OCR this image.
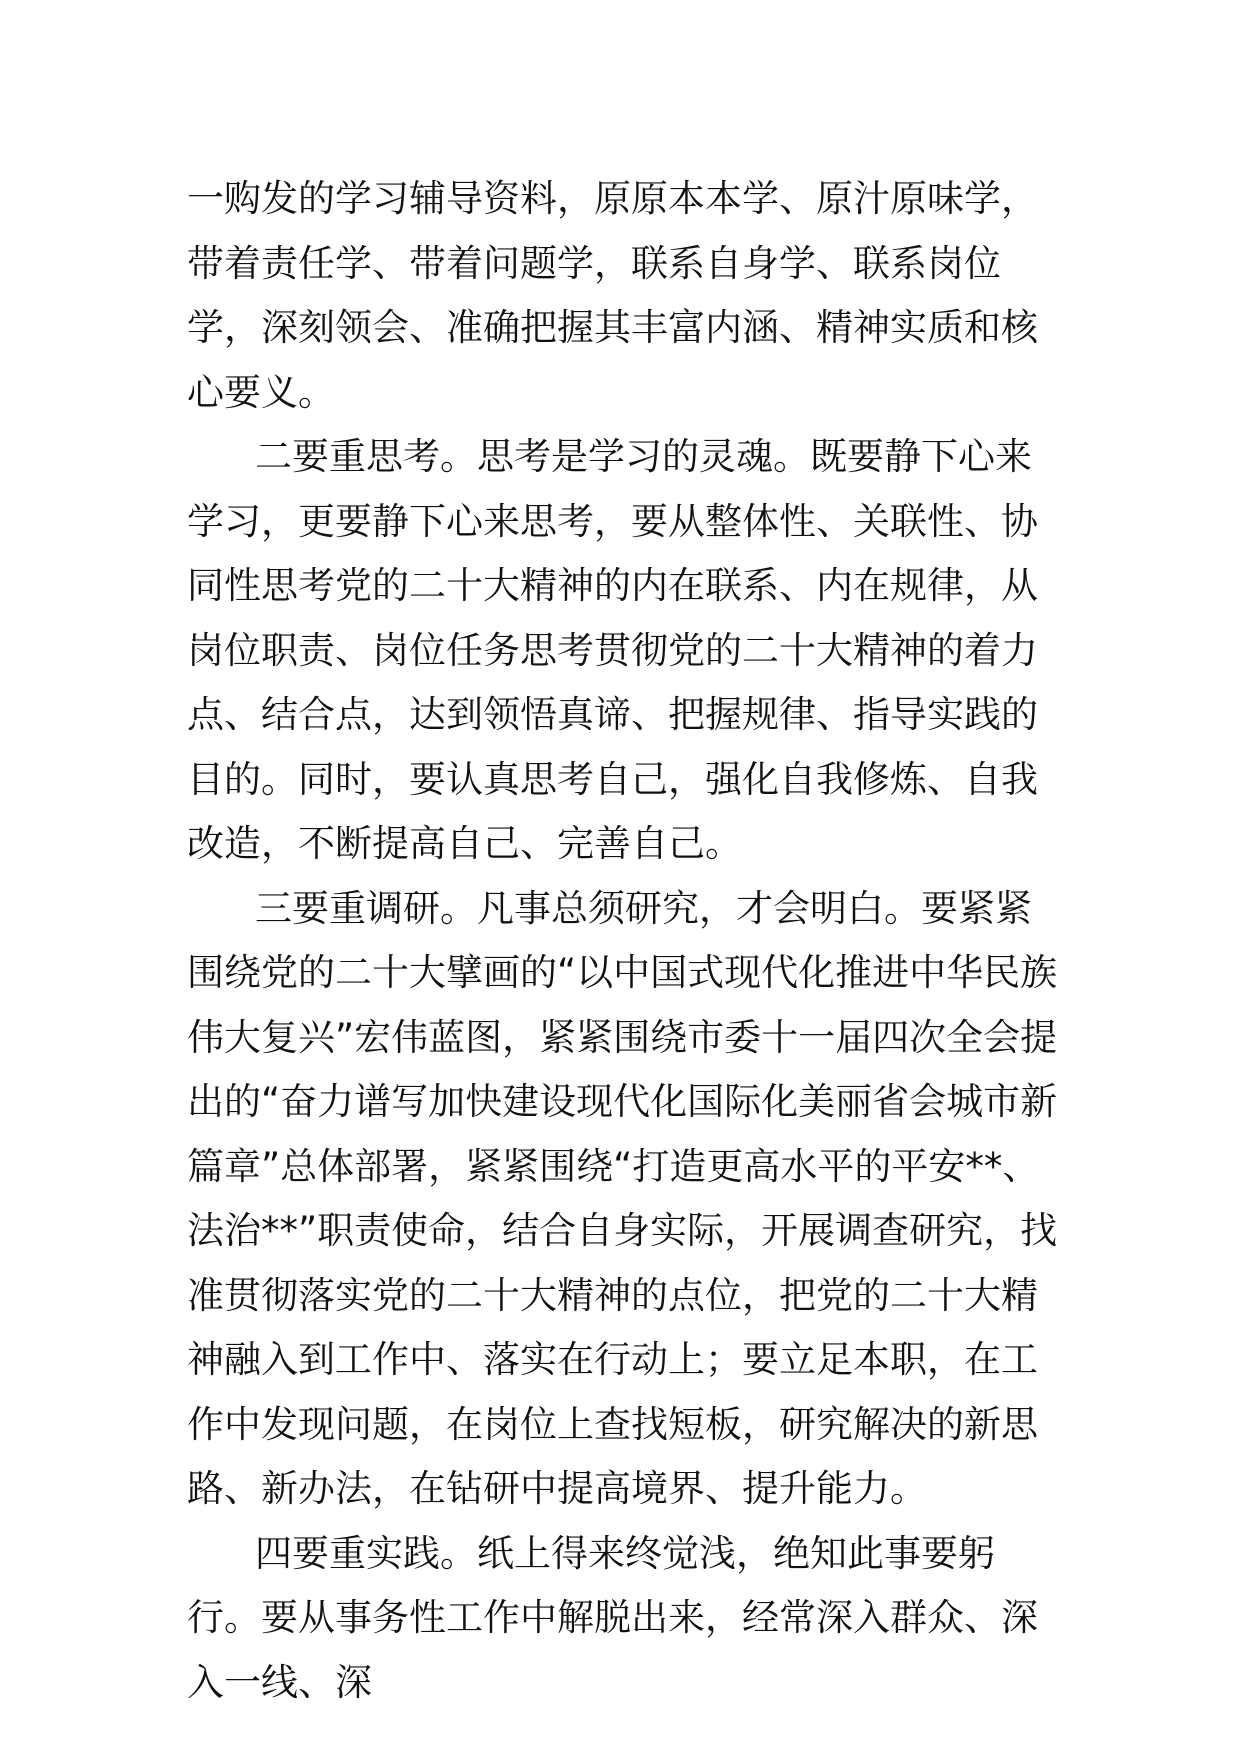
一购发的学习辅导资料，原原本本学、原汁原味学，带着责任学、带着问题学，联系自身学、联系岗位学，深刻领会、准确把握其丰富内涵、精神实质和核心要义。

二要重思考。思考是学习的灵魂。既要静下心来学习，更要静下心来思考，要从整体性、关联性、协同性思考党的二十大精神的内在联系、内在规律，从岗位职责、岗位任务思考贯彻党的二十大精神的着力点、结合点，达到领悟真谛、把握规律、指导实践的目的。同时，要认真思考自己，强化自我修炼、自我改造，不断提高自己、完善自己。

三要重调研。凡事总须研究，才会明白。要紧紧围绕党的二十大擘画的“以中国式现代化推进中华民族伟大复兴”宏伟蓝图，紧紧围绕市委十一届四次全会提出的“奋力谱写加快建设现代化国际化美丽省会城市新篇章”总体部署，紧紧围绕“打造更高水平的平安**、法治**”职责使命，结合自身实际，开展调查研究，找准贯彻落实党的二十大精神的点位，把党的二十大精神融入到工作中、落实在行动上；要立足本职，在工作中发现问题，在岗位上查找短板，研究解决的新思路、新办法，在钻研中提高境界、提升能力。

四要重实践。纸上得来终觉浅，绝知此事要躬行。要从事务性工作中解脱出来，经常深入群众、深入一线、深
